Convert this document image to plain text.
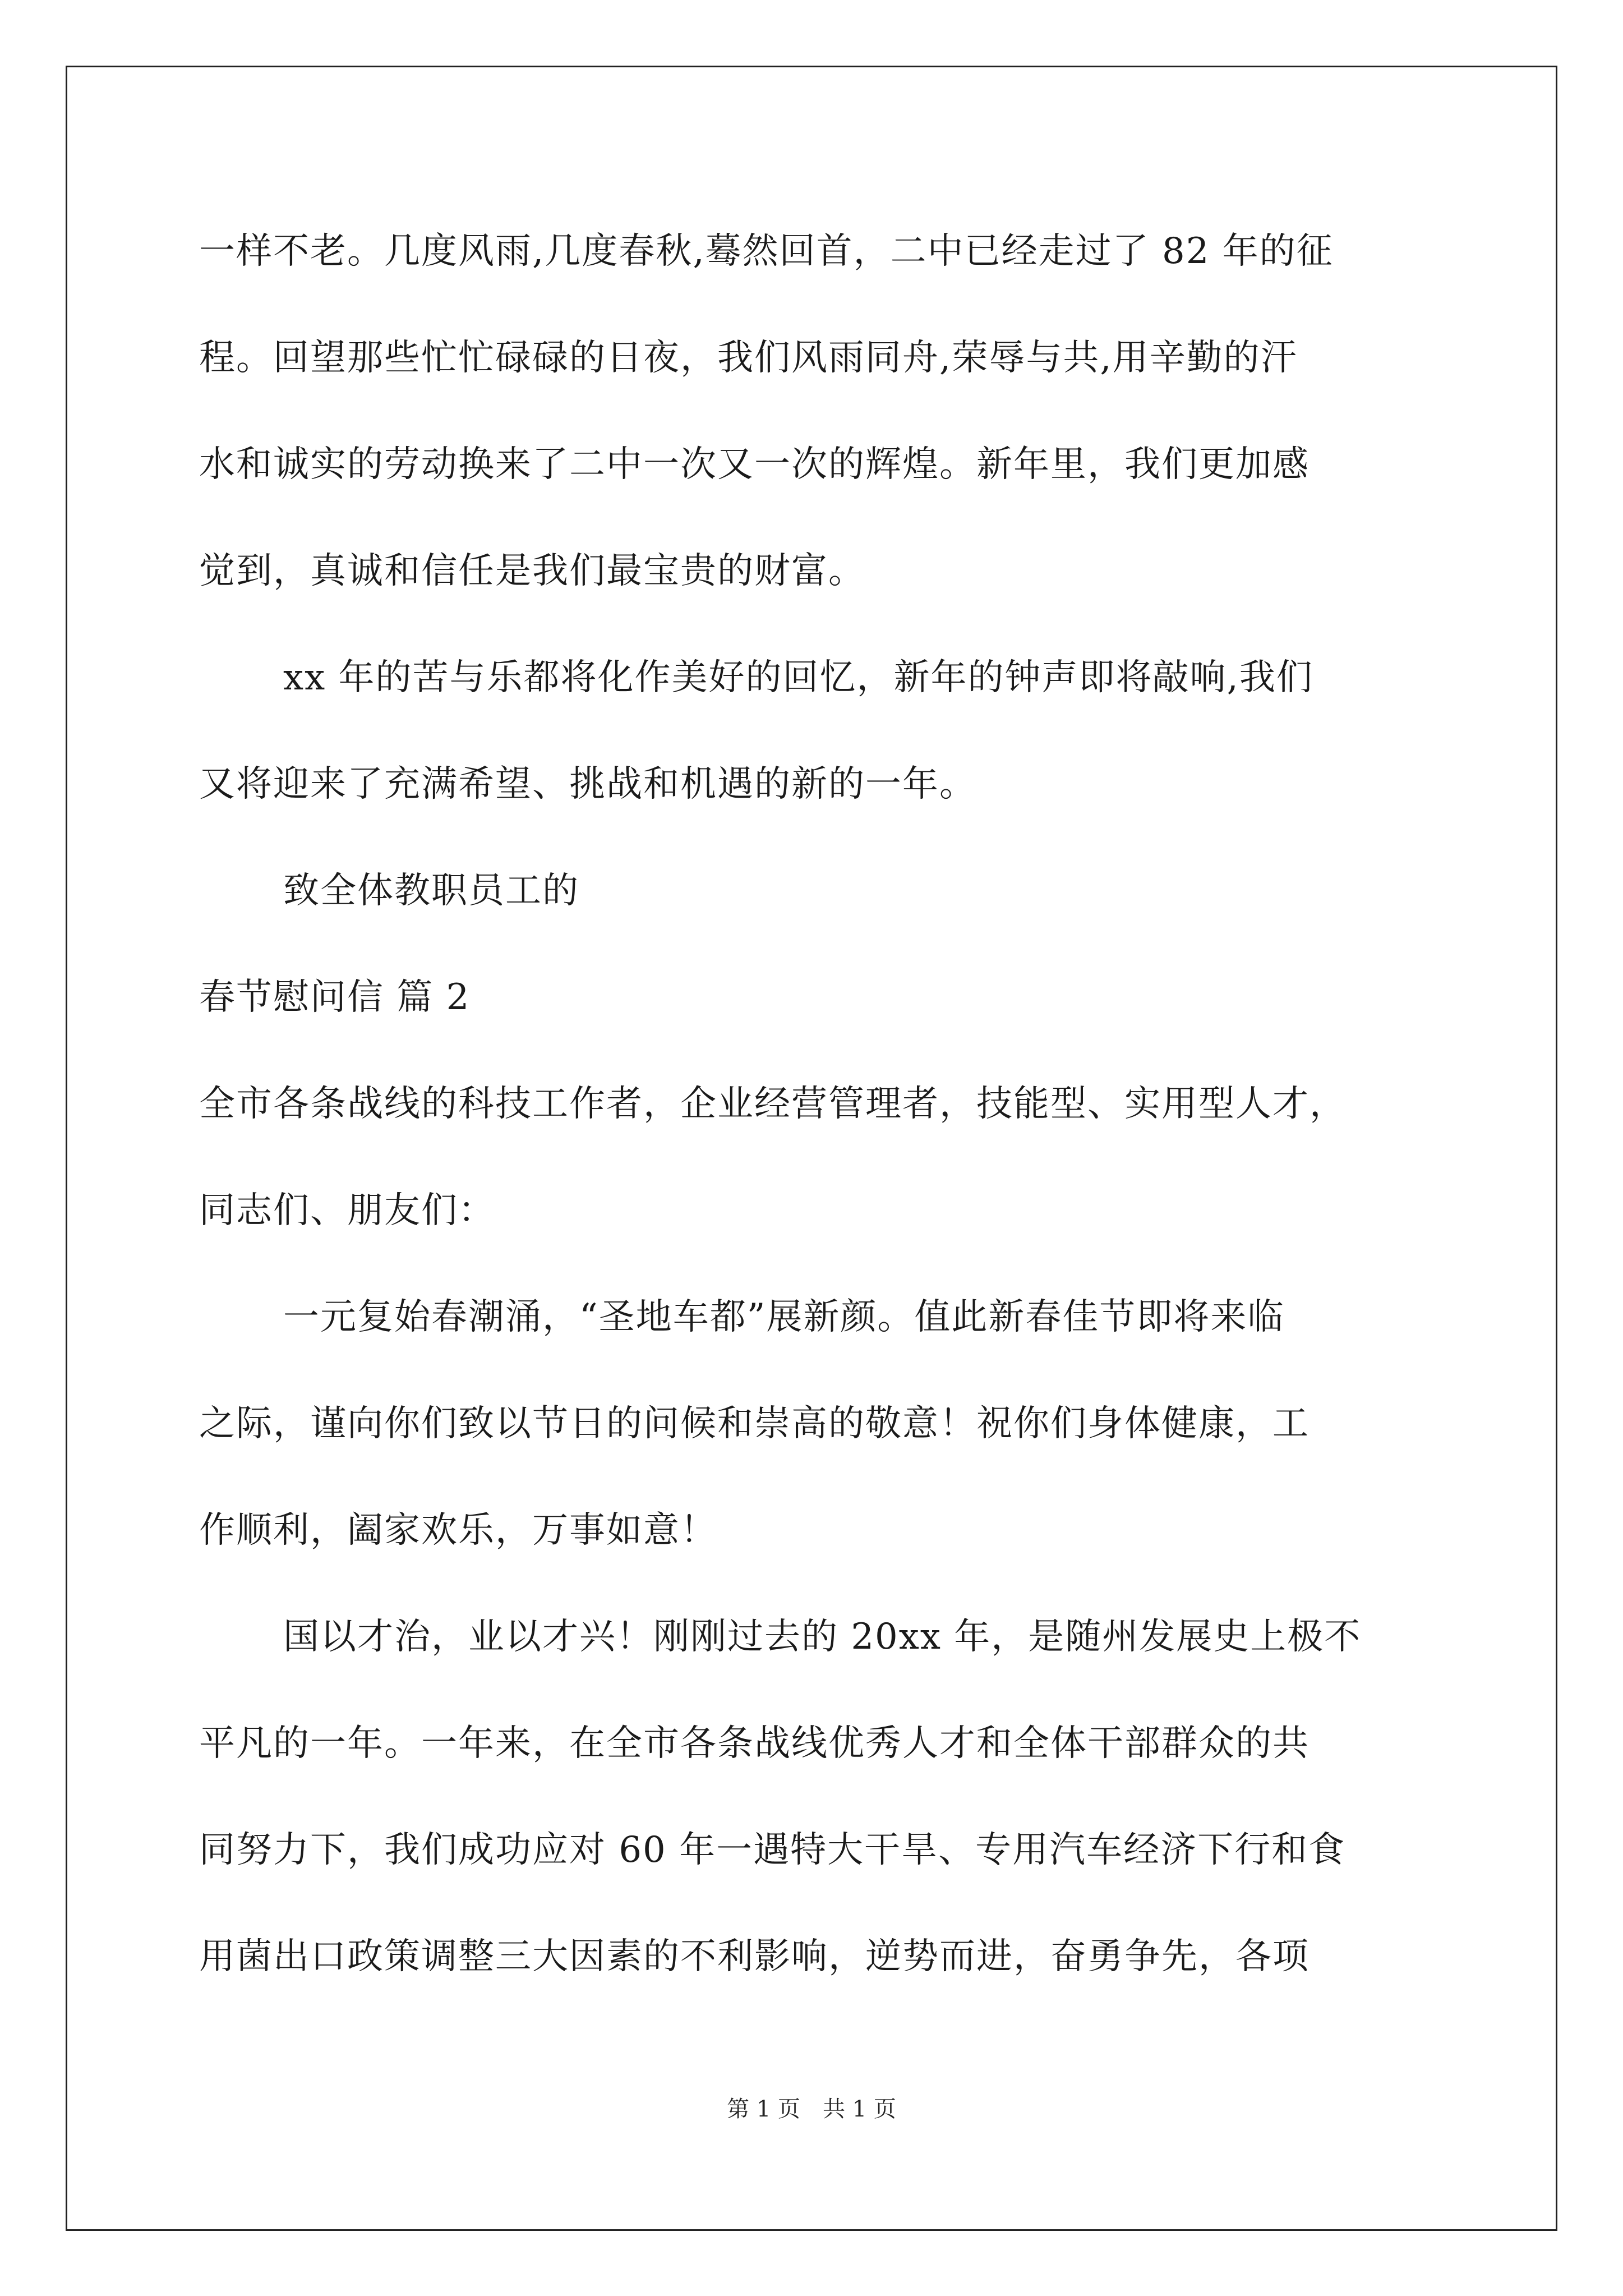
一样不老。几度风雨,几度春秋,蓦然回首，二中已经走过了 82 年的征
程。回望那些忙忙碌碌的日夜，我们风雨同舟,荣辱与共,用辛勤的汗
水和诚实的劳动换来了二中一次又一次的辉煌。新年里，我们更加感
觉到，真诚和信任是我们最宝贵的财富。
xx 年的苦与乐都将化作美好的回忆，新年的钟声即将敲响,我们
又将迎来了充满希望、挑战和机遇的新的一年。
致全体教职员工的
春节慰问信 篇 2
全市各条战线的科技工作者，企业经营管理者，技能型、实用型人才，
同志们、朋友们：
一元复始春潮涌，“圣地车都”展新颜。值此新春佳节即将来临
之际，谨向你们致以节日的问候和崇高的敬意！祝你们身体健康，工
作顺利，阖家欢乐，万事如意！
国以才治，业以才兴！刚刚过去的 20xx 年，是随州发展史上极不
平凡的一年。一年来，在全市各条战线优秀人才和全体干部群众的共
同努力下，我们成功应对 60 年一遇特大干旱、专用汽车经济下行和食
用菌出口政策调整三大因素的不利影响，逆势而进，奋勇争先，各项
第 1 页　共 1 页
